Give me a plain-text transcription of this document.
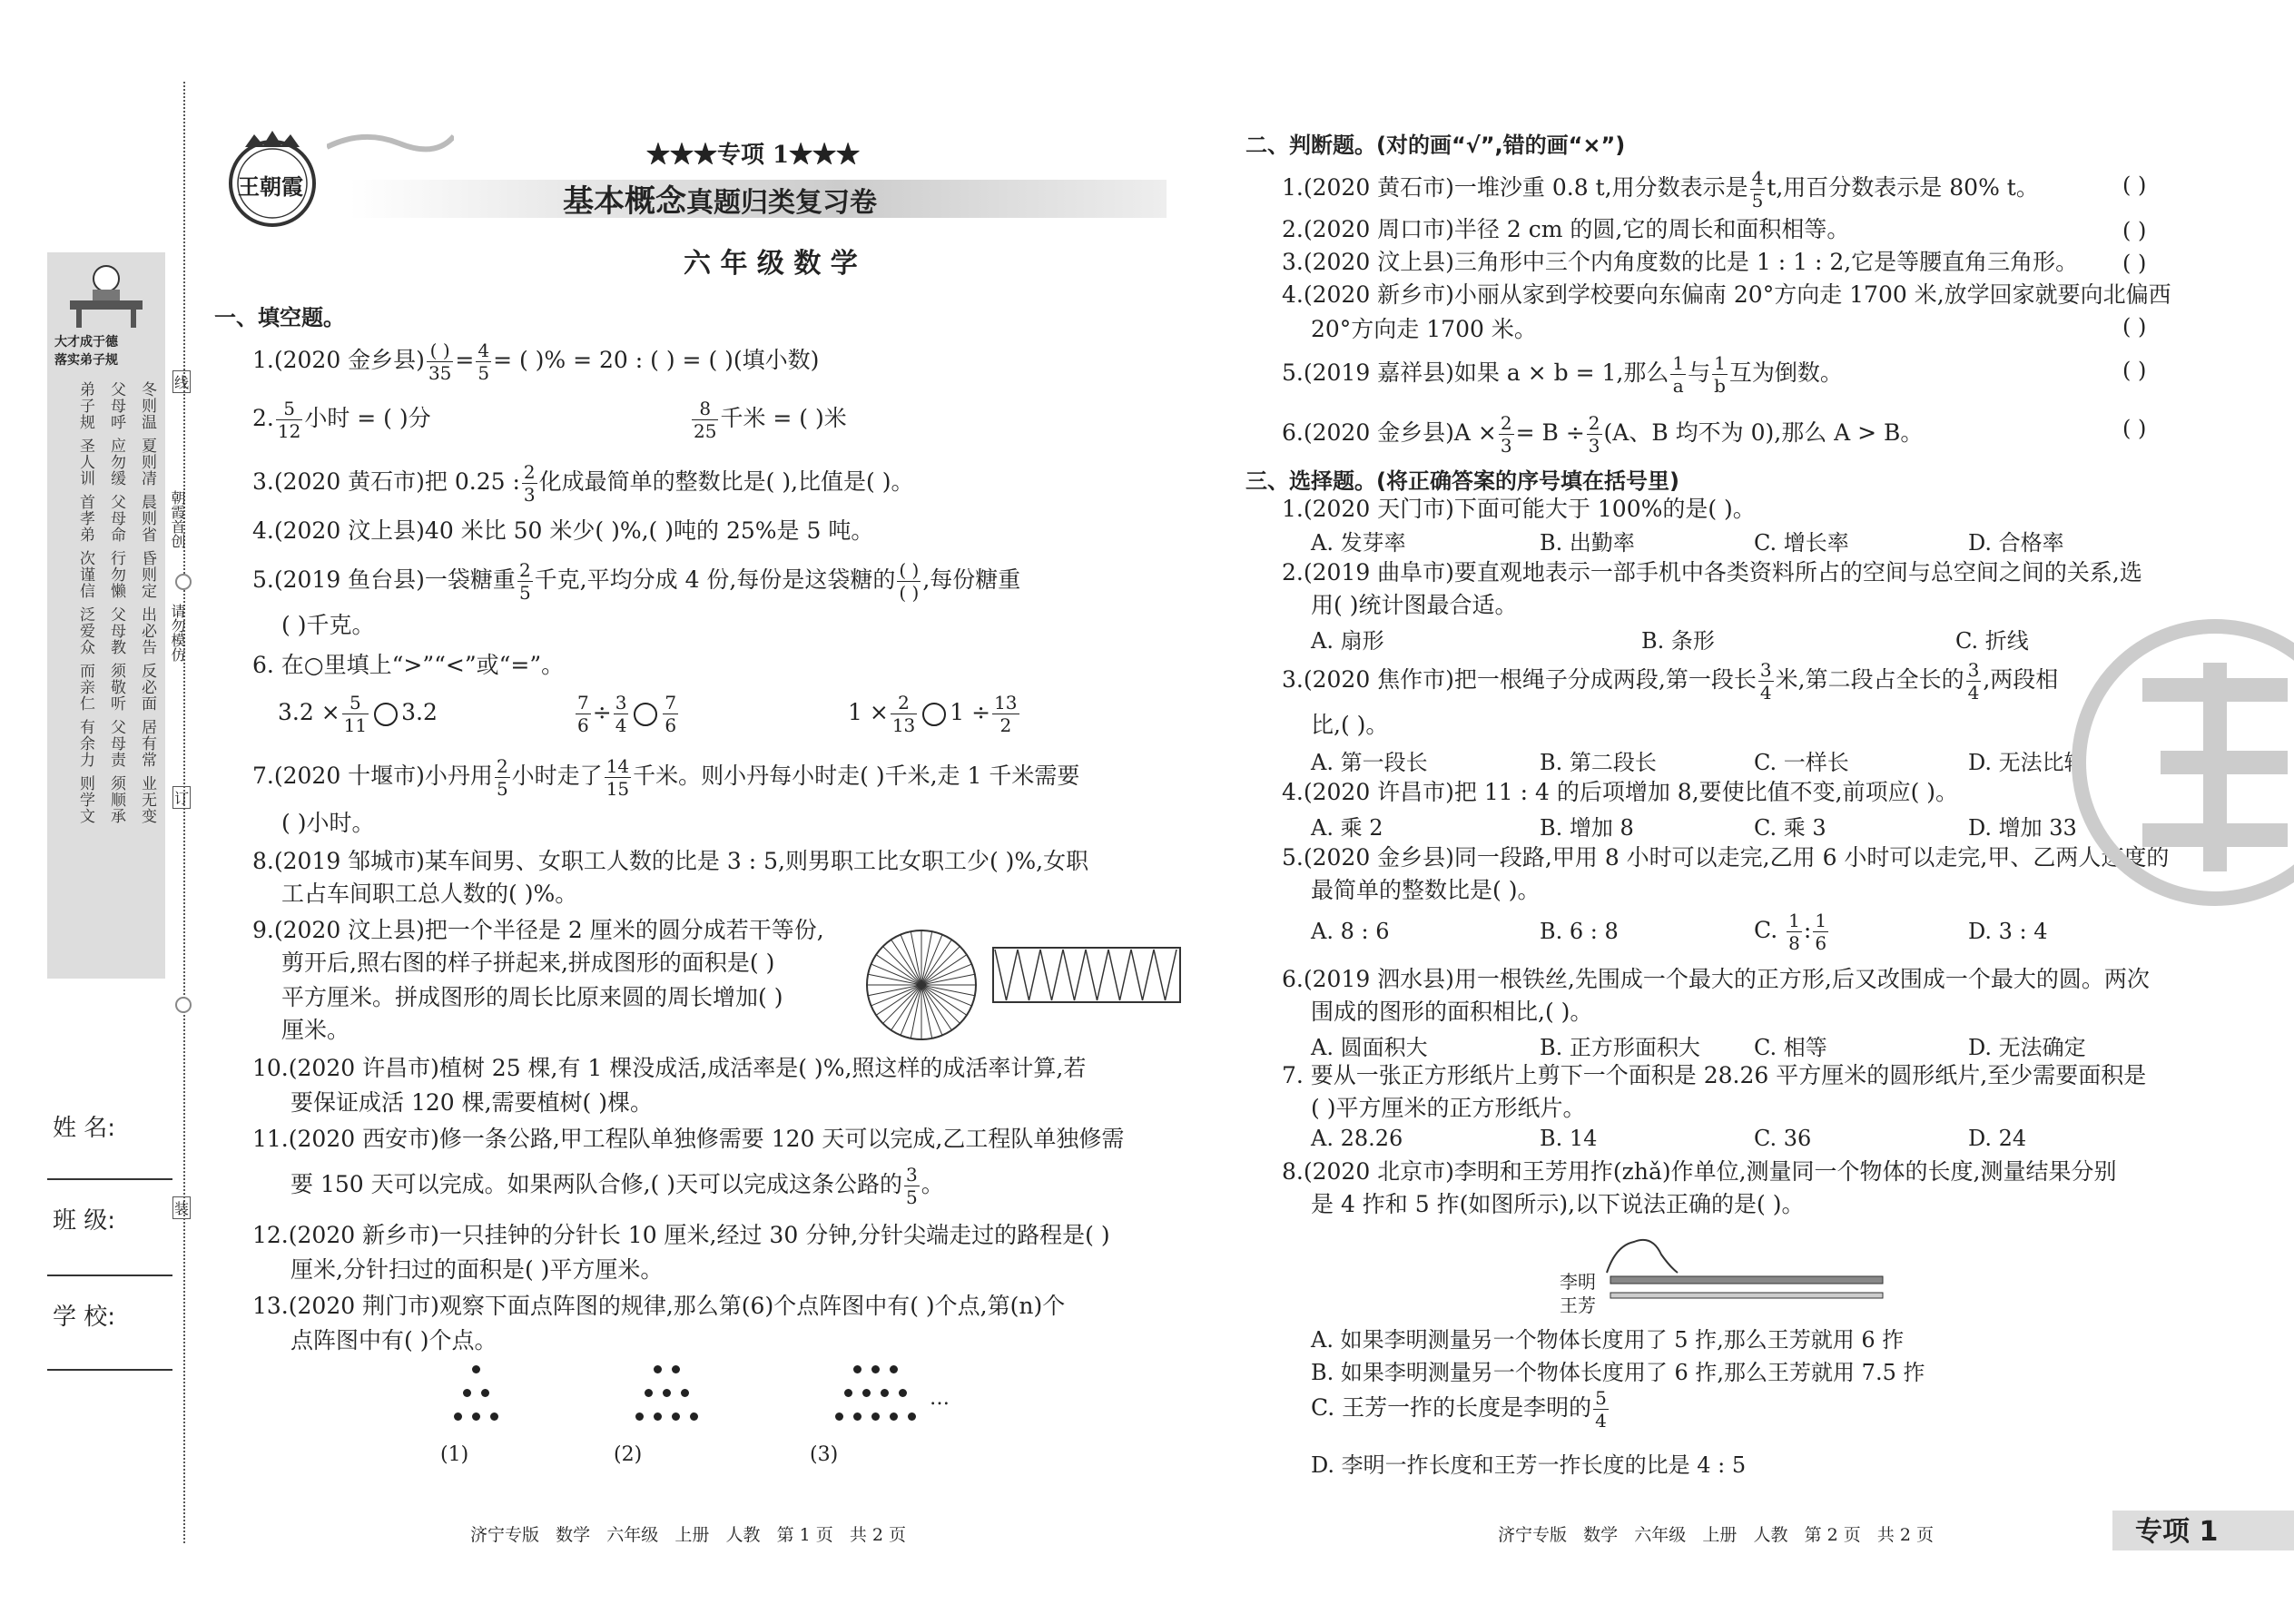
大才成于德
落实弟子规
弟子规
圣人训
首孝弟
次谨信
泛爱众
而亲仁
有余力
则学文
父母呼
应勿缓
父母命
行勿懒
父母教
须敬听
父母责
须顺承
冬则温
夏则凊
晨则省
昏则定
出必告
反必面
居有常
业无变
朝霞首创
请勿模仿
线
订
装
姓 名:
班 级:
学 校:
王朝霞
★★★专项 1★★★
基本概念真题归类复习卷
六 年 级 数 学
一、填空题。
1.(2020 金乡县) ( )
$35 = \frac{4}{5}$ = ( )% = 20 : ( ) = ( )(填小数)
2. $\frac{5}{12}$ 小时 = ( )分	$\frac{8}{25}$ 千米 = ( )米
3.(2020 黄石市)把 0.25 : $\frac{2}{3}$ 化成最简单的整数比是( ),比值是( )。
4.(2020 汶上县)40 米比 50 米少( )%,( )吨的 25%是 5 吨。
5.(2019 鱼台县)一袋糖重 $\frac{2}{5}$ 千克,平均分成 4 份,每份是这袋糖的 ( )
( ) ,每份糖重
( )千克。
6. 在○里填上“>”“<”或“=”。
$3.2 \times \frac{5}{11} 3.2$	$\frac{7}{6} \div \frac{3}{4} \frac{7}{6}$	$1 \times \frac{2}{13} 1 \div \frac{13}{2}$
7.(2020 十堰市)小丹用 $\frac{2}{5}$ 小时走了 $\frac{14}{15}$ 千米。则小丹每小时走( )千米,走 1 千米需要
( )小时。
8.(2019 邹城市)某车间男、女职工人数的比是 3 : 5,则男职工比女职工少( )%,女职
工占车间职工总人数的( )%。
9.(2020 汶上县)把一个半径是 2 厘米的圆分成若干等份,
剪开后,照右图的样子拼起来,拼成图形的面积是( )
平方厘米。拼成图形的周长比原来圆的周长增加( )
厘米。
10.(2020 许昌市)植树 25 棵,有 1 棵没成活,成活率是( )%,照这样的成活率计算,若
要保证成活 120 棵,需要植树( )棵。
11.(2020 西安市)修一条公路,甲工程队单独修需要 120 天可以完成,乙工程队单独修需
要 150 天可以完成。如果两队合修,( )天可以完成这条公路的 $\frac{3}{5}$ 。
12.(2020 新乡市)一只挂钟的分针长 10 厘米,经过 30 分钟,分针尖端走过的路程是( )
厘米,分针扫过的面积是( )平方厘米。
13.(2020 荆门市)观察下面点阵图的规律,那么第(6)个点阵图中有( )个点,第(n)个
点阵图中有( )个点。
(1)	(2)	(3)
…
济宁专版   数学   六年级   上册   人教   第 1 页   共 2 页
二、判断题。(对的画“√”,错的画“×”)
1.(2020 黄石市)一堆沙重 0.8 t,用分数表示是 $\frac{4}{5} t$,用百分数表示是 80% t。	( )
2.(2020 周口市)半径 2 cm 的圆,它的周长和面积相等。	( )
3.(2020 汶上县)三角形中三个内角度数的比是 1 : 1 : 2,它是等腰直角三角形。 ( )
4.(2020 新乡市)小丽从家到学校要向东偏南 20°方向走 1700 米,放学回家就要向北偏西
20°方向走 1700 米。	( )
5.(2019 嘉祥县)如果 a × b = 1,那么 $\frac{1}{a}$ 与 $\frac{1}{b}$ 互为倒数。	( )
6.(2020 金乡县)$A \times \frac{2}{3} = B \div \frac{2}{3} (A$、B 均不为 0),那么 A > B。	( )
三、选择题。(将正确答案的序号填在括号里)
1.(2020 天门市)下面可能大于 100%的是( )。
A. 发芽率	B. 出勤率	C. 增长率	D. 合格率
2.(2019 曲阜市)要直观地表示一部手机中各类资料所占的空间与总空间之间的关系,选
用( )统计图最合适。
A. 扇形	B. 条形	C. 折线
3.(2020 焦作市)把一根绳子分成两段,第一段长 $\frac{3}{4}$ 米,第二段占全长的 $\frac{3}{4}$ ,两段相
比,( )。
A. 第一段长	B. 第二段长	C. 一样长	D. 无法比较
4.(2020 许昌市)把 11 : 4 的后项增加 8,要使比值不变,前项应( )。
A. 乘 2	B. 增加 8	C. 乘 3	D. 增加 33
5.(2020 金乡县)同一段路,甲用 8 小时可以走完,乙用 6 小时可以走完,甲、乙两人速度的
最简单的整数比是( )。
A. 8 : 6	B. 6 : 8	C. $\frac{1}{8}$ : $\frac{1}{6}$	D. 3 : 4
6.(2019 泗水县)用一根铁丝,先围成一个最大的正方形,后又改围成一个最大的圆。两次
围成的图形的面积相比,( )。
A. 圆面积大	B. 正方形面积大 C. 相等	D. 无法确定
7. 要从一张正方形纸片上剪下一个面积是 28.26 平方厘米的圆形纸片,至少需要面积是
( )平方厘米的正方形纸片。
A. 28.26	B. 14	C. 36	D. 24
8.(2020 北京市)李明和王芳用拃(zhǎ)作单位,测量同一个物体的长度,测量结果分别
是 4 拃和 5 拃(如图所示),以下说法正确的是( )。
李明
王芳
A. 如果李明测量另一个物体长度用了 5 拃,那么王芳就用 6 拃
B. 如果李明测量另一个物体长度用了 6 拃,那么王芳就用 7.5 拃
C. 王芳一拃的长度是李明的 $\frac{5}{4}$
D. 李明一拃长度和王芳一拃长度的比是 4 : 5
济宁专版   数学   六年级   上册   人教   第 2 页   共 2 页	专项 1
